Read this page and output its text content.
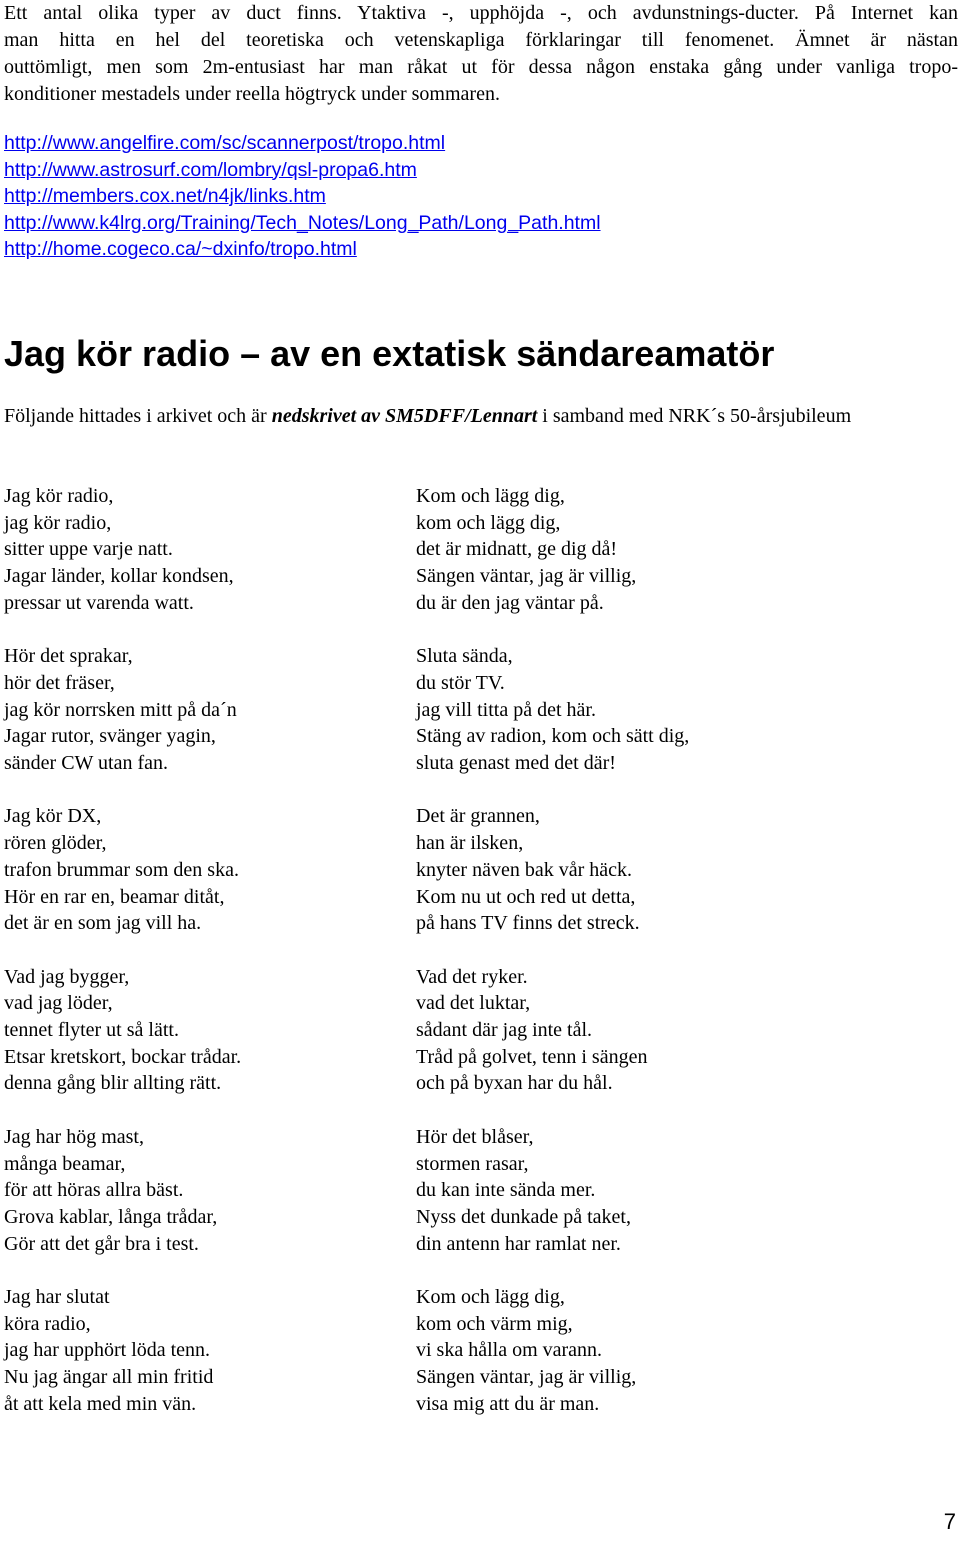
Ett antal olika typer av duct finns. Ytaktiva -, upphöjda -, och avdunstnings-ducter. På Internet kan
man hitta en hel del teoretiska och vetenskapliga förklaringar till fenomenet. Ämnet är nästan
outtömligt, men som 2m-entusiast har man råkat ut för dessa någon enstaka gång under vanliga tropo-
konditioner mestadels under reella högtryck under sommaren.
http://www.angelfire.com/sc/scannerpost/tropo.html
http://www.astrosurf.com/lombry/qsl-propa6.htm
http://members.cox.net/n4jk/links.htm
http://www.k4lrg.org/Training/Tech_Notes/Long_Path/Long_Path.html
http://home.cogeco.ca/~dxinfo/tropo.html
Jag kör radio – av en extatisk sändareamatör

Följande hittades i arkivet och är nedskrivet av SM5DFF/Lennart i samband med NRK´s 50-årsjubileum

Jag kör radio,
jag kör radio,
sitter uppe varje natt.
Jagar länder, kollar kondsen,
pressar ut varenda watt.
Hör det sprakar,
hör det fräser,
jag kör norrsken mitt på da´n
Jagar rutor, svänger yagin,
sänder CW utan fan.
Jag kör DX,
rören glöder,
trafon brummar som den ska.
Hör en rar en, beamar ditåt,
det är en som jag vill ha.
Vad jag bygger,
vad jag löder,
tennet flyter ut så lätt.
Etsar kretskort, bockar trådar.
denna gång blir allting rätt.
Jag har hög mast,
många beamar,
för att höras allra bäst.
Grova kablar, långa trådar,
Gör att det går bra i test.
Jag har slutat
köra radio,
jag har upphört löda tenn.
Nu jag ängar all min fritid
åt att kela med min vän.
Kom och lägg dig,
kom och lägg dig,
det är midnatt, ge dig då!
Sängen väntar, jag är villig,
du är den jag väntar på.
Sluta sända,
du stör TV.
jag vill titta på det här.
Stäng av radion, kom och sätt dig,
sluta genast med det där!
Det är grannen,
han är ilsken,
knyter näven bak vår häck.
Kom nu ut och red ut detta,
på hans TV finns det streck.
Vad det ryker.
vad det luktar,
sådant där jag inte tål.
Tråd på golvet, tenn i sängen
och på byxan har du hål.
Hör det blåser,
stormen rasar,
du kan inte sända mer.
Nyss det dunkade på taket,
din antenn har ramlat ner.
Kom och lägg dig,
kom och värm mig,
vi ska hålla om varann.
Sängen väntar, jag är villig,
visa mig att du är man.
7
